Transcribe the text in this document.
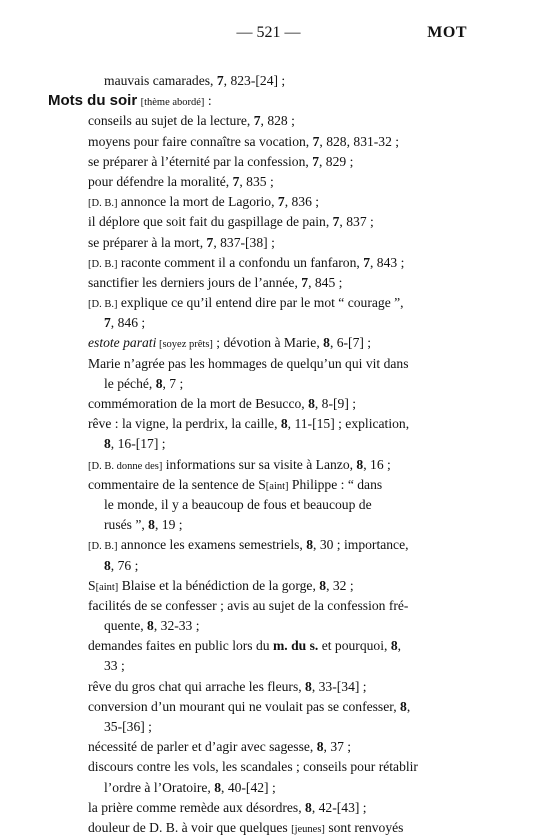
— 521 —	MOT
mauvais camarades, 7, 823-[24] ;
Mots du soir [thème abordé] :
conseils au sujet de la lecture, 7, 828 ;
moyens pour faire connaître sa vocation, 7, 828, 831-32 ;
se préparer à l’éternité par la confession, 7, 829 ;
pour défendre la moralité, 7, 835 ;
[D. B.] annonce la mort de Lagorio, 7, 836 ;
il déplore que soit fait du gaspillage de pain, 7, 837 ;
se préparer à la mort, 7, 837-[38] ;
[D. B.] raconte comment il a confondu un fanfaron, 7, 843 ;
sanctifier les derniers jours de l’année, 7, 845 ;
[D. B.] explique ce qu’il entend dire par le mot “ courage ”,
7, 846 ;
estote parati [soyez prêts] ; dévotion à Marie, 8, 6-[7] ;
Marie n’agrée pas les hommages de quelqu’un qui vit dans
le péché, 8, 7 ;
commémoration de la mort de Besucco, 8, 8-[9] ;
rêve : la vigne, la perdrix, la caille, 8, 11-[15] ; explication,
8, 16-[17] ;
[D. B. donne des] informations sur sa visite à Lanzo, 8, 16 ;
commentaire de la sentence de S[aint] Philippe : “ dans
le monde, il y a beaucoup de fous et beaucoup de
rusés ”, 8, 19 ;
[D. B.] annonce les examens semestriels, 8, 30 ; importance,
8, 76 ;
S[aint] Blaise et la bénédiction de la gorge, 8, 32 ;
facilités de se confesser ; avis au sujet de la confession fré-
quente, 8, 32-33 ;
demandes faites en public lors du m. du s. et pourquoi, 8,
33 ;
rêve du gros chat qui arrache les fleurs, 8, 33-[34] ;
conversion d’un mourant qui ne voulait pas se confesser, 8,
35-[36] ;
nécessité de parler et d’agir avec sagesse, 8, 37 ;
discours contre les vols, les scandales ; conseils pour rétablir
l’ordre à l’Oratoire, 8, 40-[42] ;
la prière comme remède aux désordres, 8, 42-[43] ;
douleur de D. B. à voir que quelques [jeunes] sont renvoyés
